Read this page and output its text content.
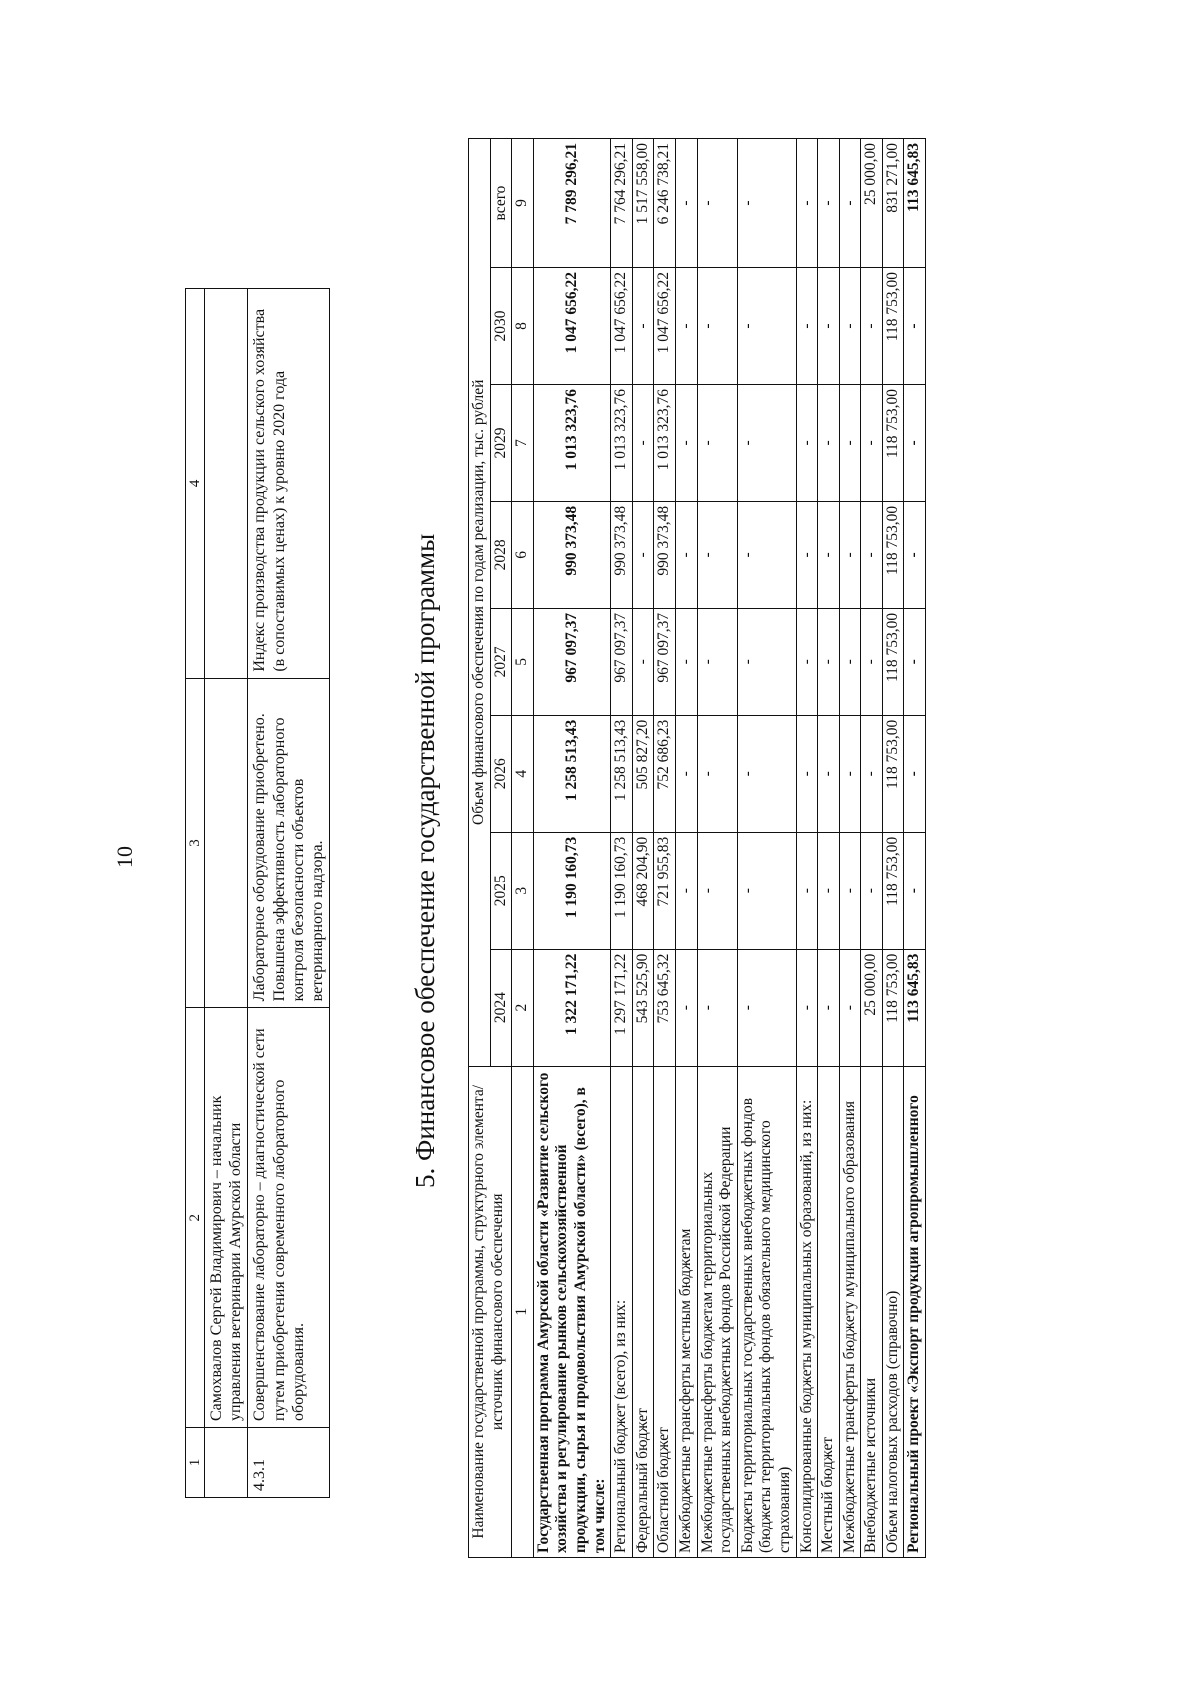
10
1	2	3	4
	Самохвалов Сергей Владимирович – начальник управления ветеринарии Амурской области		
4.3.1	Совершенствование лабораторно – диагностической сети путем приобретения современного лабораторного оборудования.	Лабораторное оборудование приобретено. Повышена эффективность лабораторного контроля безопасности объектов ветеринарного надзора.	Индекс производства продукции сельского хозяйства (в сопоставимых ценах) к уровню 2020 года
5. Финансовое обеспечение государственной программы
Наименование государственной программы, структурного элемента/ источник финансового обеспечения	Объем финансового обеспечения по годам реализации, тыс. рублей							
	2024	2025	2026	2027	2028	2029	2030	всего
1	2	3	4	5	6	7	8	9
Государственная программа Амурской области «Развитие сельского хозяйства и регулирование рынков сельскохозяйственной продукции, сырья и продовольствия Амурской области» (всего), в том числе:	1 322 171,22	1 190 160,73	1 258 513,43	967 097,37	990 373,48	1 013 323,76	1 047 656,22	7 789 296,21
Региональный бюджет (всего), из них:	1 297 171,22	1 190 160,73	1 258 513,43	967 097,37	990 373,48	1 013 323,76	1 047 656,22	7 764 296,21
Федеральный бюджет	543 525,90	468 204,90	505 827,20	-	-	-	-	1 517 558,00
Областной бюджет	753 645,32	721 955,83	752 686,23	967 097,37	990 373,48	1 013 323,76	1 047 656,22	6 246 738,21
Межбюджетные трансферты местным бюджетам	-	-	-	-	-	-	-	-
Межбюджетные трансферты бюджетам территориальных государственных внебюджетных фондов Российской Федерации	-	-	-	-	-	-	-	-
Бюджеты территориальных государственных внебюджетных фондов (бюджеты территориальных фондов обязательного медицинского страхования)	-	-	-	-	-	-	-	-
Консолидированные бюджеты муниципальных образований, из них:	-	-	-	-	-	-	-	-
Местный бюджет	-	-	-	-	-	-	-	-
Межбюджетные трансферты бюджету муниципального образования	-	-	-	-	-	-	-	-
Внебюджетные источники	25 000,00	-	-	-	-	-	-	25 000,00
Объем налоговых расходов (справочно)	118 753,00	118 753,00	118 753,00	118 753,00	118 753,00	118 753,00	118 753,00	831 271,00
Региональный проект «Экспорт продукции агропромышленного	113 645,83	-	-	-	-	-	-	113 645,83
